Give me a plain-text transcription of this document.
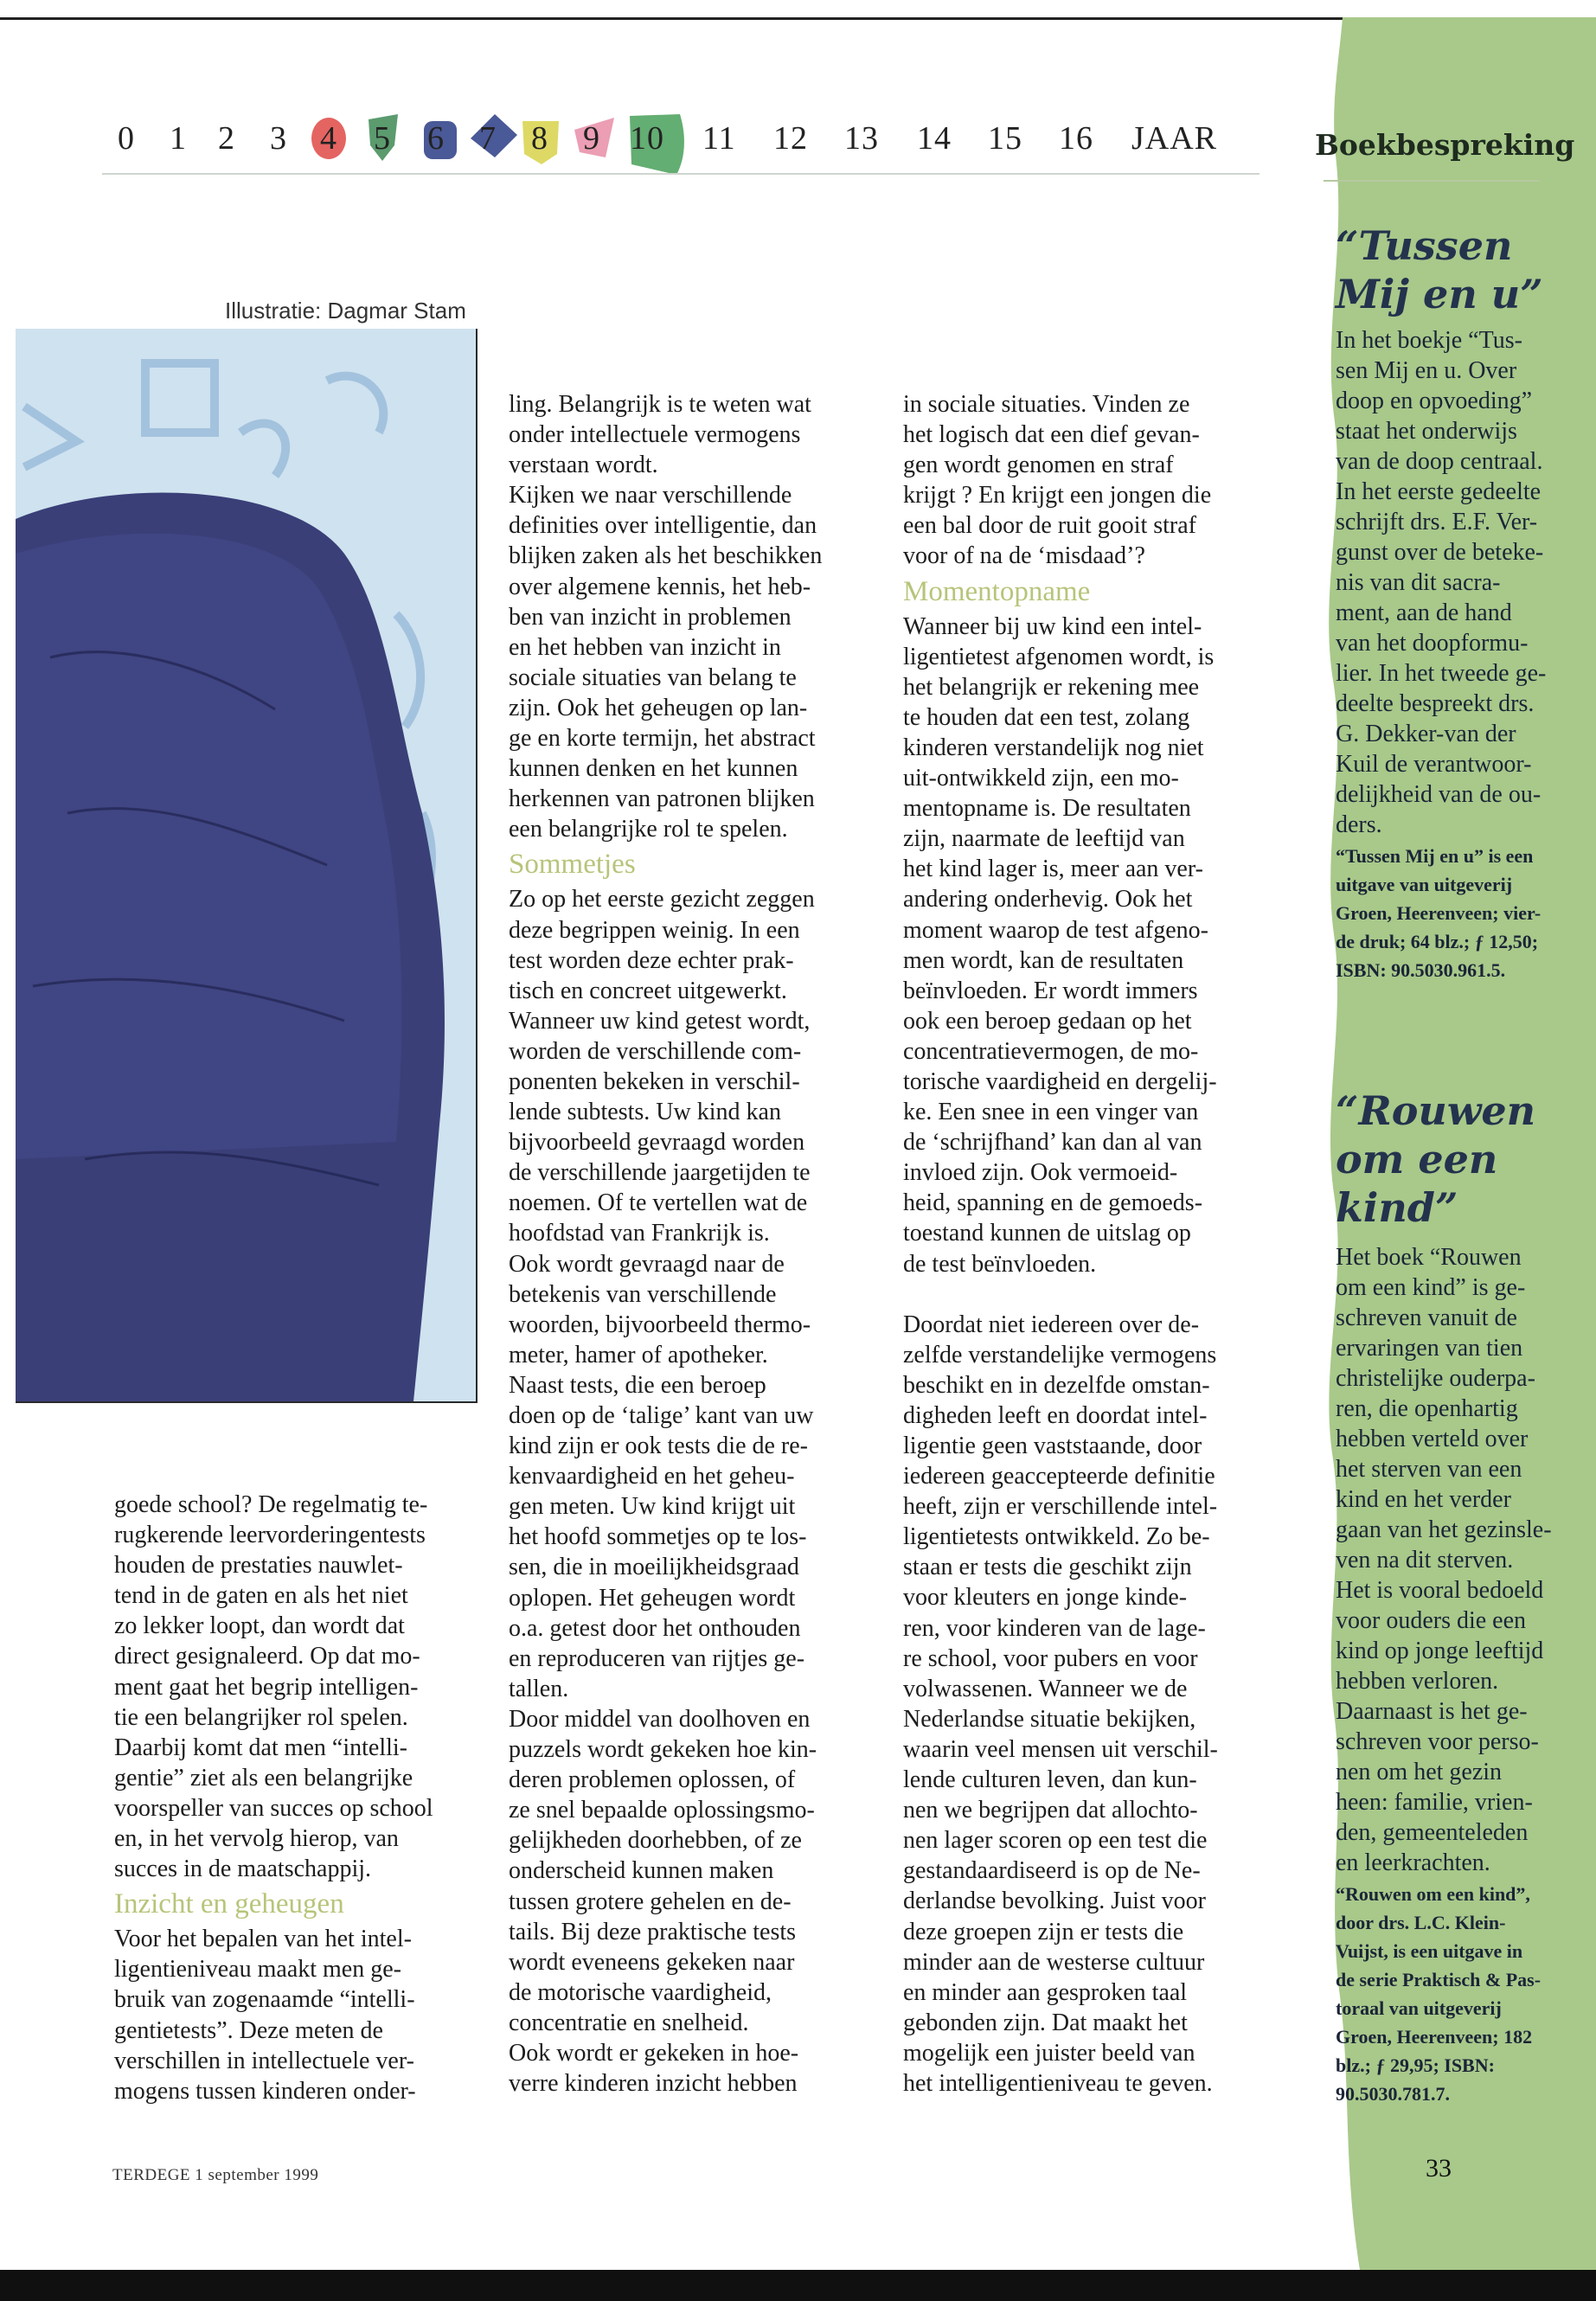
0 1 2 3 4 5 6 7 8 9 10 11 12 13 14 15 16 JAAR	Boekbespreking
“Tussen
Mij en u”
In het boekje “Tus-
sen Mij en u. Over
doop en opvoeding”
staat het onderwijs
van de doop centraal.
In het eerste gedeelte
schrijft drs. E.F. Ver-
gunst over de beteke-
nis van dit sacra-
ment, aan de hand
van het doopformu-
lier. In het tweede ge-
deelte bespreekt drs.
G. Dekker-van der
Kuil de verantwoor-
delijkheid van de ou-
ders.
“Tussen Mij en u” is een
uitgave van uitgeverij
Groen, Heerenveen; vier-
de druk; 64 blz.; ƒ 12,50;
ISBN: 90.5030.961.5.
“Rouwen
om een
kind”
Het boek “Rouwen
om een kind” is ge-
schreven vanuit de
ervaringen van tien
christelijke ouderpa-
ren, die openhartig
hebben verteld over
het sterven van een
kind en het verder
gaan van het gezinsle-
ven na dit sterven.
Het is vooral bedoeld
voor ouders die een
kind op jonge leeftijd
hebben verloren.
Daarnaast is het ge-
schreven voor perso-
nen om het gezin
heen: familie, vrien-
den, gemeenteleden
en leerkrachten.
“Rouwen om een kind”,
door drs. L.C. Klein-
Vuijst, is een uitgave in
de serie Praktisch & Pas-
toraal van uitgeverij
Groen, Heerenveen; 182
blz.; ƒ 29,95; ISBN:
90.5030.781.7.
Illustratie: Dagmar Stam
goede school? De regelmatig te-
rugkerende leervorderingentests
houden de prestaties nauwlet-
tend in de gaten en als het niet
zo lekker loopt, dan wordt dat
direct gesignaleerd. Op dat mo-
ment gaat het begrip intelligen-
tie een belangrijker rol spelen.
Daarbij komt dat men “intelli-
gentie” ziet als een belangrijke
voorspeller van succes op school
en, in het vervolg hierop, van
succes in de maatschappij.

Inzicht en geheugen

Voor het bepalen van het intel-
ligentieniveau maakt men ge-
bruik van zogenaamde “intelli-
gentietests”. Deze meten de
verschillen in intellectuele ver-
mogens tussen kinderen onder-
ling. Belangrijk is te weten wat
onder intellectuele vermogens
verstaan wordt.
Kijken we naar verschillende
definities over intelligentie, dan
blijken zaken als het beschikken
over algemene kennis, het heb-
ben van inzicht in problemen
en het hebben van inzicht in
sociale situaties van belang te
zijn. Ook het geheugen op lan-
ge en korte termijn, het abstract
kunnen denken en het kunnen
herkennen van patronen blijken
een belangrijke rol te spelen.

Sommetjes

Zo op het eerste gezicht zeggen
deze begrippen weinig. In een
test worden deze echter prak-
tisch en concreet uitgewerkt.
Wanneer uw kind getest wordt,
worden de verschillende com-
ponenten bekeken in verschil-
lende subtests. Uw kind kan
bijvoorbeeld gevraagd worden
de verschillende jaargetijden te
noemen. Of te vertellen wat de
hoofdstad van Frankrijk is.
Ook wordt gevraagd naar de
betekenis van verschillende
woorden, bijvoorbeeld thermo-
meter, hamer of apotheker.
Naast tests, die een beroep
doen op de ‘talige’ kant van uw
kind zijn er ook tests die de re-
kenvaardigheid en het geheu-
gen meten. Uw kind krijgt uit
het hoofd sommetjes op te los-
sen, die in moeilijkheidsgraad
oplopen. Het geheugen wordt
o.a. getest door het onthouden
en reproduceren van rijtjes ge-
tallen.
Door middel van doolhoven en
puzzels wordt gekeken hoe kin-
deren problemen oplossen, of
ze snel bepaalde oplossingsmo-
gelijkheden doorhebben, of ze
onderscheid kunnen maken
tussen grotere gehelen en de-
tails. Bij deze praktische tests
wordt eveneens gekeken naar
de motorische vaardigheid,
concentratie en snelheid.
Ook wordt er gekeken in hoe-
verre kinderen inzicht hebben
in sociale situaties. Vinden ze
het logisch dat een dief gevan-
gen wordt genomen en straf
krijgt ? En krijgt een jongen die
een bal door de ruit gooit straf
voor of na de ‘misdaad’?

Momentopname

Wanneer bij uw kind een intel-
ligentietest afgenomen wordt, is
het belangrijk er rekening mee
te houden dat een test, zolang
kinderen verstandelijk nog niet
uit-ontwikkeld zijn, een mo-
mentopname is. De resultaten
zijn, naarmate de leeftijd van
het kind lager is, meer aan ver-
andering onderhevig. Ook het
moment waarop de test afgeno-
men wordt, kan de resultaten
beïnvloeden. Er wordt immers
ook een beroep gedaan op het
concentratievermogen, de mo-
torische vaardigheid en dergelij-
ke. Een snee in een vinger van
de ‘schrijfhand’ kan dan al van
invloed zijn. Ook vermoeid-
heid, spanning en de gemoeds-
toestand kunnen de uitslag op
de test beïnvloeden.
Doordat niet iedereen over de-
zelfde verstandelijke vermogens
beschikt en in dezelfde omstan-
digheden leeft en doordat intel-
ligentie geen vaststaande, door
iedereen geaccepteerde definitie
heeft, zijn er verschillende intel-
ligentietests ontwikkeld. Zo be-
staan er tests die geschikt zijn
voor kleuters en jonge kinde-
ren, voor kinderen van de lage-
re school, voor pubers en voor
volwassenen. Wanneer we de
Nederlandse situatie bekijken,
waarin veel mensen uit verschil-
lende culturen leven, dan kun-
nen we begrijpen dat allochto-
nen lager scoren op een test die
gestandaardiseerd is op de Ne-
derlandse bevolking. Juist voor
deze groepen zijn er tests die
minder aan de westerse cultuur
en minder aan gesproken taal
gebonden zijn. Dat maakt het
mogelijk een juister beeld van
het intelligentieniveau te geven.
TERDEGE 1 september 1999	33
